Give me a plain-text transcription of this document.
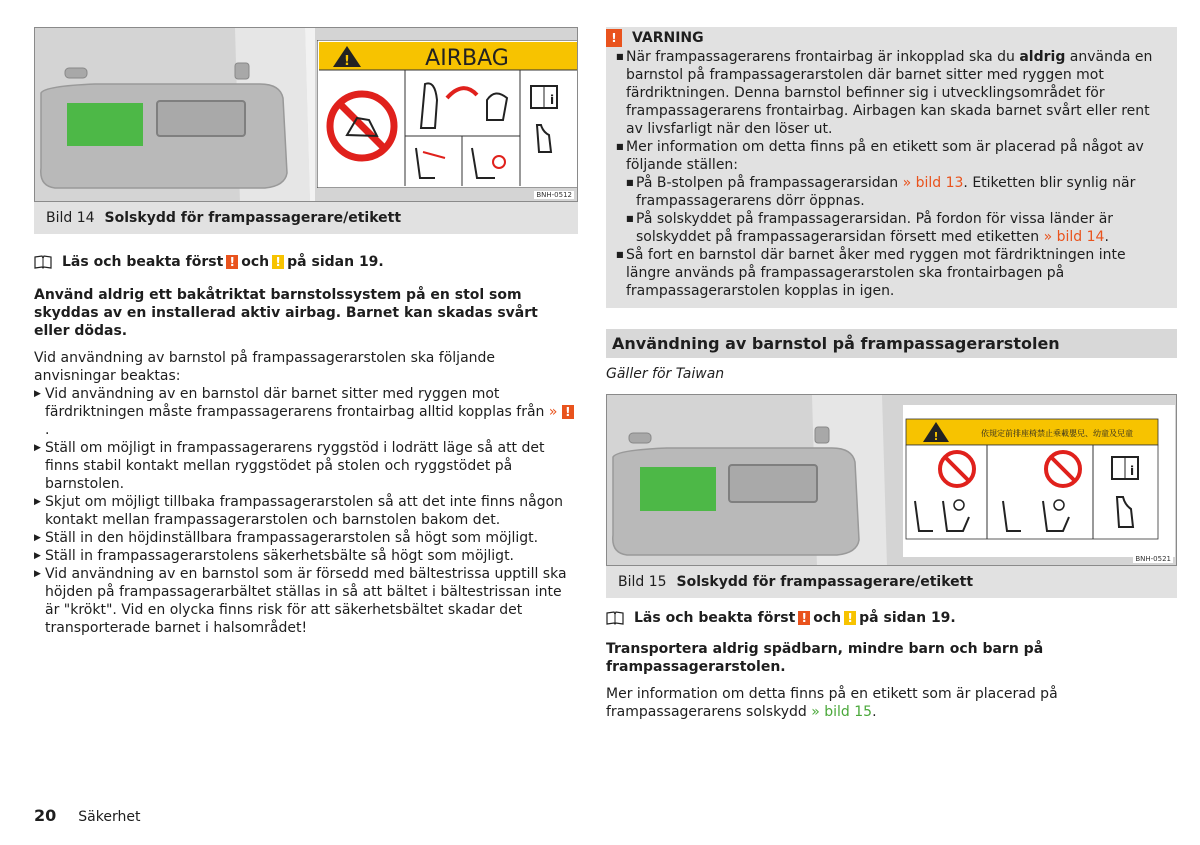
!	AIRBAG
i
BNH-0512
Bild 14 Solskydd för frampassagerare/etikett
Läs och beakta först ! och ! på sidan 19.

Använd aldrig ett bakåtriktat barnstolssystem på en stol som skyddas av en installerad aktiv airbag. Barnet kan skadas svårt eller dödas.

Vid användning av barnstol på frampassagerarstolen ska följande anvisningar beaktas:

▶ Vid användning av en barnstol där barnet sitter med ryggen mot färdriktningen måste frampassagerarens frontairbag alltid kopplas från » !.
▶ Ställ om möjligt in frampassagerarens ryggstöd i lodrätt läge så att det finns stabil kontakt mellan ryggstödet på stolen och ryggstödet på barnstolen.
▶ Skjut om möjligt tillbaka frampassagerarstolen så att det inte finns någon kontakt mellan frampassagerarstolen och barnstolen bakom det.
▶ Ställ in den höjdinställbara frampassagerarstolen så högt som möjligt.
▶ Ställ in frampassagerarstolens säkerhetsbälte så högt som möjligt.
▶ Vid användning av en barnstol som är försedd med bältestrissa upptill ska höjden på frampassagerarbältet ställas in så att bältet i bältestrissan inte är "krökt". Vid en olycka finns risk för att säkerhetsbältet skadar det transporterade barnet i halsområdet!
!	VARNING
■ När frampassagerarens frontairbag är inkopplad ska du aldrig använda en barnstol på frampassagerarstolen där barnet sitter med ryggen mot färdriktningen. Denna barnstol befinner sig i utvecklingsområdet för frampassagerarens frontairbag. Airbagen kan skada barnet svårt eller rent av livsfarligt när den löser ut.
■ Mer information om detta finns på en etikett som är placerad på något av följande ställen:
■ På B-stolpen på frampassagerarsidan » bild 13. Etiketten blir synlig när frampassagerarens dörr öppnas.
■ På solskyddet på frampassagerarsidan. På fordon för vissa länder är solskyddet på frampassagerarsidan försett med etiketten » bild 14.
■ Så fort en barnstol där barnet åker med ryggen mot färdriktningen inte längre används på frampassagerarstolen ska frontairbagen på frampassagerarstolen kopplas in igen.
Användning av barnstol på frampassagerarstolen
Gäller för Taiwan
!	依規定前排座椅禁止乘載嬰兒、幼童及兒童
i
BNH-0521
Bild 15 Solskydd för frampassagerare/etikett
Läs och beakta först ! och ! på sidan 19.

Transportera aldrig spädbarn, mindre barn och barn på frampassagerarstolen.

Mer information om detta finns på en etikett som är placerad på frampassagerarens solskydd » bild 15.

20 Säkerhet
